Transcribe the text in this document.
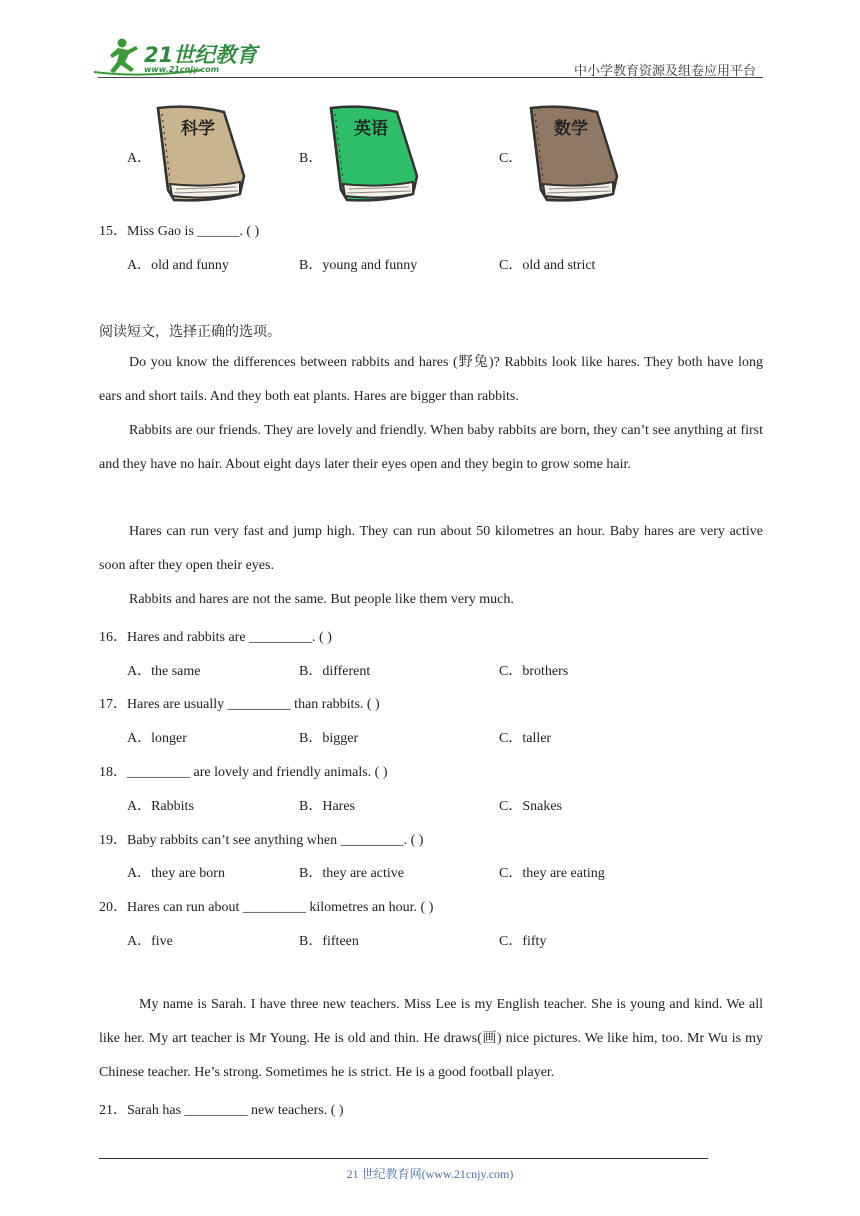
21世纪教育
www.21cnjy.com	中小学教育资源及组卷应用平台
A．	B．	C．
科学	英语	数学
15．Miss Gao is ______. ( )
A．old and funny	B．young and funny	C．old and strict
阅读短文，选择正确的选项。
Do you know the differences between rabbits and hares (野兔)? Rabbits look like hares. They both have long ears and short tails. And they both eat plants. Hares are bigger than rabbits.
Rabbits are our friends. They are lovely and friendly. When baby rabbits are born, they can’t see anything at first and they have no hair. About eight days later their eyes open and they begin to grow some hair.
Hares can run very fast and jump high. They can run about 50 kilometres an hour. Baby hares are very active soon after they open their eyes.
Rabbits and hares are not the same. But people like them very much.
16．Hares and rabbits are _________. ( )
A．the same	B．different	C．brothers
17．Hares are usually _________ than rabbits. ( )
A．longer	B．bigger	C．taller
18．_________ are lovely and friendly animals. ( )
A．Rabbits	B．Hares	C．Snakes
19．Baby rabbits can’t see anything when _________. ( )
A．they are born	B．they are active	C．they are eating
20．Hares can run about _________ kilometres an hour. ( )
A．five	B．fifteen	C．fifty
My name is Sarah. I have three new teachers. Miss Lee is my English teacher. She is young and kind. We all like her. My art teacher is Mr Young. He is old and thin. He draws(画) nice pictures. We like him, too. Mr Wu is my Chinese teacher. He’s strong. Sometimes he is strict. He is a good football player.
21．Sarah has _________ new teachers. ( )
21 世纪教育网(www.21cnjy.com)
